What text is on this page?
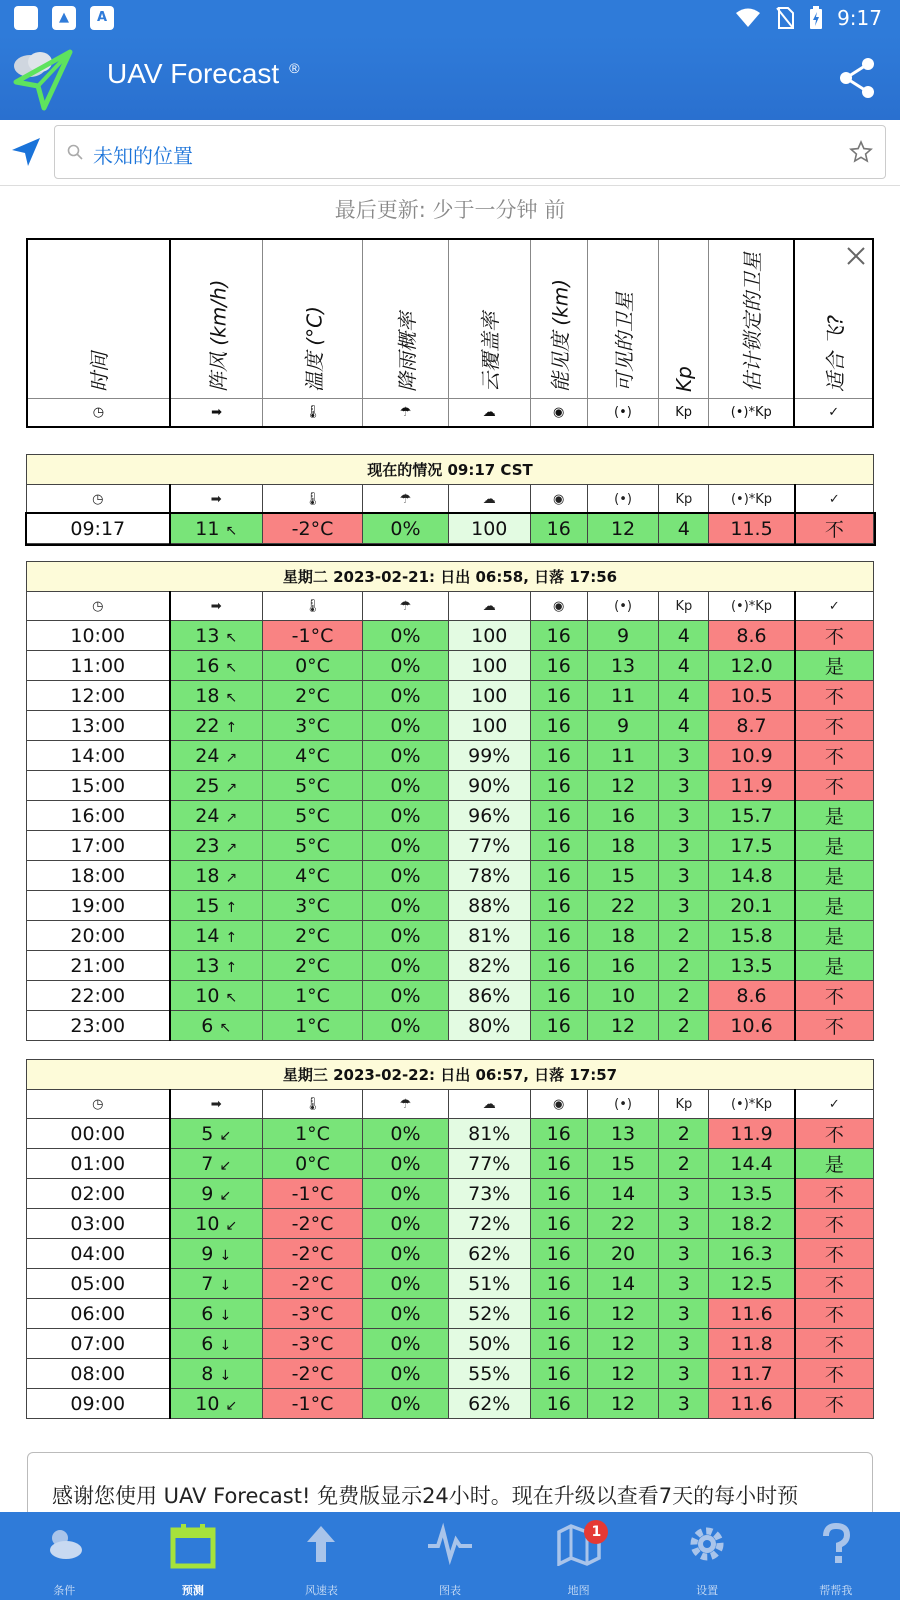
▲	A	9:17
UAV Forecast ®
未知的位置
最后更新: 少于一分钟 前
时间	阵风 (km/h)	温度 (°C)	降雨概率	云覆盖率	能见度 (km)	可见的卫星	Kp	估计锁定的卫星	适合 飞?

◷	➡	🌡︎	☂	☁	◉	(•)	Kp	(•)*Kp	✓
现在的情况 09:17 CST									
◷	➡	🌡︎	☂	☁	◉	(•)	Kp	(•)*Kp	✓
09:17	11 ↖	-2°C	0%	100	16	12	4	11.5	不
星期二 2023-02-21: 日出 06:58, 日落 17:56									
◷	➡	🌡︎	☂	☁	◉	(•)	Kp	(•)*Kp	✓
10:00	13 ↖	-1°C	0%	100	16	9	4	8.6	不
11:00	16 ↖	0°C	0%	100	16	13	4	12.0	是
12:00	18 ↖	2°C	0%	100	16	11	4	10.5	不
13:00	22 ↑	3°C	0%	100	16	9	4	8.7	不
14:00	24 ↗	4°C	0%	99%	16	11	3	10.9	不
15:00	25 ↗	5°C	0%	90%	16	12	3	11.9	不
16:00	24 ↗	5°C	0%	96%	16	16	3	15.7	是
17:00	23 ↗	5°C	0%	77%	16	18	3	17.5	是
18:00	18 ↗	4°C	0%	78%	16	15	3	14.8	是
19:00	15 ↑	3°C	0%	88%	16	22	3	20.1	是
20:00	14 ↑	2°C	0%	81%	16	18	2	15.8	是
21:00	13 ↑	2°C	0%	82%	16	16	2	13.5	是
22:00	10 ↖	1°C	0%	86%	16	10	2	8.6	不
23:00	6 ↖	1°C	0%	80%	16	12	2	10.6	不
星期三 2023-02-22: 日出 06:57, 日落 17:57									
◷	➡	🌡︎	☂	☁	◉	(•)	Kp	(•)*Kp	✓
00:00	5 ↙	1°C	0%	81%	16	13	2	11.9	不
01:00	7 ↙	0°C	0%	77%	16	15	2	14.4	是
02:00	9 ↙	-1°C	0%	73%	16	14	3	13.5	不
03:00	10 ↙	-2°C	0%	72%	16	22	3	18.2	不
04:00	9 ↓	-2°C	0%	62%	16	20	3	16.3	不
05:00	7 ↓	-2°C	0%	51%	16	14	3	12.5	不
06:00	6 ↓	-3°C	0%	52%	16	12	3	11.6	不
07:00	6 ↓	-3°C	0%	50%	16	12	3	11.8	不
08:00	8 ↓	-2°C	0%	55%	16	12	3	11.7	不
09:00	10 ↙	-1°C	0%	62%	16	12	3	11.6	不
感谢您使用 UAV Forecast! 免费版显示24小时。现在升级以查看7天的每小时预
条件	预测	风速表	图表
1
地图	设置	帮帮我
